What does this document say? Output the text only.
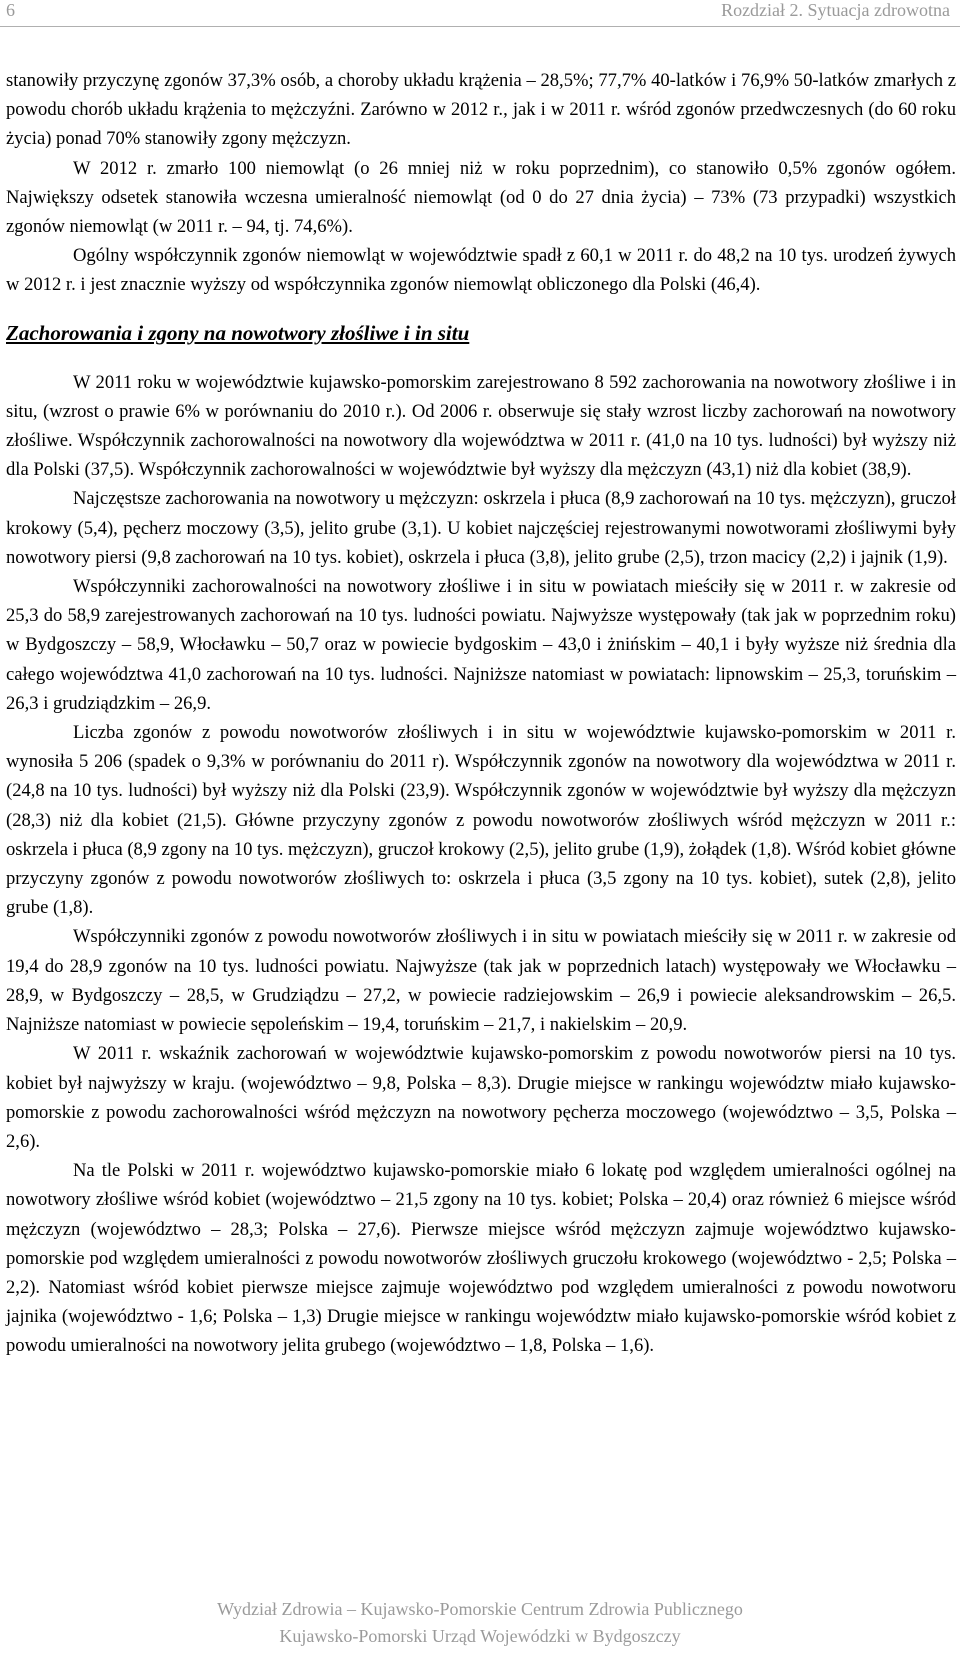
6	Rozdział 2. Sytuacja zdrowotna

stanowiły przyczynę zgonów 37,3% osób, a choroby układu krążenia – 28,5%; 77,7% 40-latków i 76,9% 50-latków zmarłych z powodu chorób układu krążenia to mężczyźni. Zarówno w 2012 r., jak i w 2011 r. wśród zgonów przedwczesnych (do 60 roku życia) ponad 70% stanowiły zgony mężczyzn.

W 2012 r. zmarło 100 niemowląt (o 26 mniej niż w roku poprzednim), co stanowiło 0,5% zgonów ogółem. Największy odsetek stanowiła wczesna umieralność niemowląt (od 0 do 27 dnia życia) – 73% (73 przypadki) wszystkich zgonów niemowląt (w 2011 r. – 94, tj. 74,6%).

Ogólny współczynnik zgonów niemowląt w województwie spadł z 60,1 w 2011 r. do 48,2 na 10 tys. urodzeń żywych w 2012 r. i jest znacznie wyższy od współczynnika zgonów niemowląt obliczonego dla Polski (46,4).

Zachorowania i zgony na nowotwory złośliwe i in situ

W 2011 roku w województwie kujawsko-pomorskim zarejestrowano 8 592 zachorowania na nowotwory złośliwe i in situ, (wzrost o prawie 6% w porównaniu do 2010 r.). Od 2006 r. obserwuje się stały wzrost liczby zachorowań na nowotwory złośliwe. Współczynnik zachorowalności na nowotwory dla województwa w 2011 r. (41,0 na 10 tys. ludności) był wyższy niż dla Polski (37,5). Współczynnik zachorowalności w województwie był wyższy dla mężczyzn (43,1) niż dla kobiet (38,9).

Najczęstsze zachorowania na nowotwory u mężczyzn: oskrzela i płuca (8,9 zachorowań na 10 tys. mężczyzn), gruczoł krokowy (5,4), pęcherz moczowy (3,5), jelito grube (3,1). U kobiet najczęściej rejestrowanymi nowotworami złośliwymi były nowotwory piersi (9,8 zachorowań na 10 tys. kobiet), oskrzela i płuca (3,8), jelito grube (2,5), trzon macicy (2,2) i jajnik (1,9).

Współczynniki zachorowalności na nowotwory złośliwe i in situ w powiatach mieściły się w 2011 r. w zakresie od 25,3 do 58,9 zarejestrowanych zachorowań na 10 tys. ludności powiatu. Najwyższe występowały (tak jak w poprzednim roku) w Bydgoszczy – 58,9, Włocławku – 50,7 oraz w powiecie bydgoskim – 43,0 i żnińskim – 40,1 i były wyższe niż średnia dla całego województwa 41,0 zachorowań na 10 tys. ludności. Najniższe natomiast w powiatach: lipnowskim – 25,3, toruńskim – 26,3 i grudziądzkim – 26,9.

Liczba zgonów z powodu nowotworów złośliwych i in situ w województwie kujawsko-pomorskim w 2011 r. wynosiła 5 206 (spadek o 9,3% w porównaniu do 2011 r). Współczynnik zgonów na nowotwory dla województwa w 2011 r. (24,8 na 10 tys. ludności) był wyższy niż dla Polski (23,9). Współczynnik zgonów w województwie był wyższy dla mężczyzn (28,3) niż dla kobiet (21,5). Główne przyczyny zgonów z powodu nowotworów złośliwych wśród mężczyzn w 2011 r.: oskrzela i płuca (8,9 zgony na 10 tys. mężczyzn), gruczoł krokowy (2,5), jelito grube (1,9), żołądek (1,8). Wśród kobiet główne przyczyny zgonów z powodu nowotworów złośliwych to: oskrzela i płuca (3,5 zgony na 10 tys. kobiet), sutek (2,8), jelito grube (1,8).

Współczynniki zgonów z powodu nowotworów złośliwych i in situ w powiatach mieściły się w 2011 r. w zakresie od 19,4 do 28,9 zgonów na 10 tys. ludności powiatu. Najwyższe (tak jak w poprzednich latach) występowały we Włocławku – 28,9, w Bydgoszczy – 28,5, w Grudziądzu – 27,2, w powiecie radziejowskim – 26,9 i powiecie aleksandrowskim – 26,5. Najniższe natomiast w powiecie sępoleńskim – 19,4, toruńskim – 21,7, i nakielskim – 20,9.

W 2011 r. wskaźnik zachorowań w województwie kujawsko-pomorskim z powodu nowotworów piersi na 10 tys. kobiet był najwyższy w kraju. (województwo – 9,8, Polska – 8,3). Drugie miejsce w rankingu województw miało kujawsko-pomorskie z powodu zachorowalności wśród mężczyzn na nowotwory pęcherza moczowego (województwo – 3,5, Polska – 2,6).

Na tle Polski w 2011 r. województwo kujawsko-pomorskie miało 6 lokatę pod względem umieralności ogólnej na nowotwory złośliwe wśród kobiet (województwo – 21,5 zgony na 10 tys. kobiet; Polska – 20,4) oraz również 6 miejsce wśród mężczyzn (województwo – 28,3; Polska – 27,6). Pierwsze miejsce wśród mężczyzn zajmuje województwo kujawsko-pomorskie pod względem umieralności z powodu nowotworów złośliwych gruczołu krokowego (województwo - 2,5; Polska – 2,2). Natomiast wśród kobiet pierwsze miejsce zajmuje województwo pod względem umieralności z powodu nowotworu jajnika (województwo - 1,6; Polska – 1,3) Drugie miejsce w rankingu województw miało kujawsko-pomorskie wśród kobiet z powodu umieralności na nowotwory jelita grubego (województwo – 1,8, Polska – 1,6).

Wydział Zdrowia – Kujawsko-Pomorskie Centrum Zdrowia Publicznego
Kujawsko-Pomorski Urząd Wojewódzki w Bydgoszczy
